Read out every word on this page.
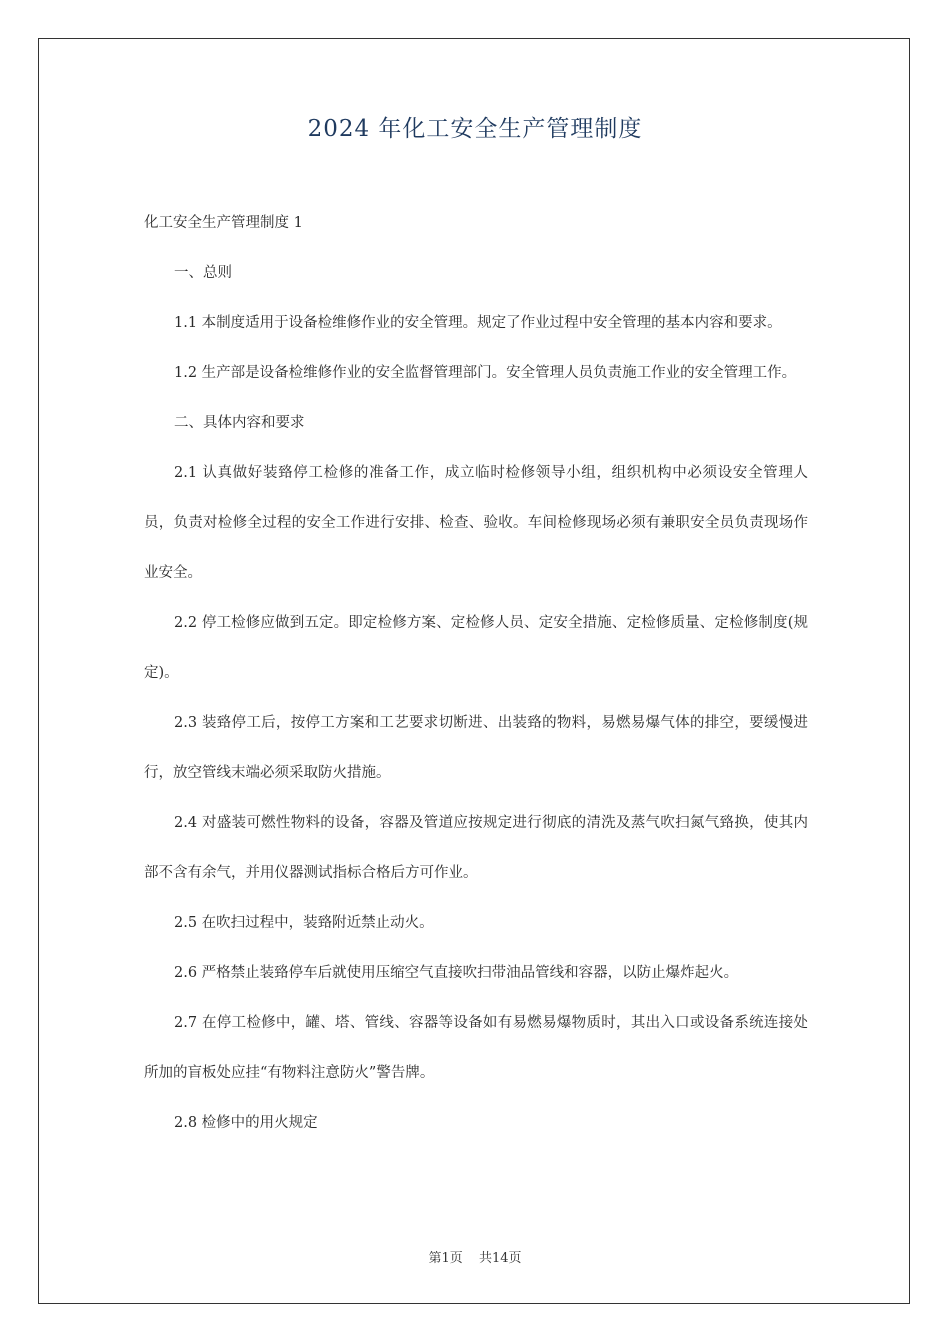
2024 年化工安全生产管理制度

化工安全生产管理制度 1

一、总则

1.1 本制度适用于设备检维修作业的安全管理。规定了作业过程中安全管理的基本内容和要求。

1.2 生产部是设备检维修作业的安全监督管理部门。安全管理人员负责施工作业的安全管理工作。

二、具体内容和要求

2.1 认真做好装臵停工检修的准备工作，成立临时检修领导小组，组织机构中必须设安全管理人员，负责对检修全过程的安全工作进行安排、检查、验收。车间检修现场必须有兼职安全员负责现场作业安全。

2.2 停工检修应做到五定。即定检修方案、定检修人员、定安全措施、定检修质量、定检修制度(规定)。

2.3 装臵停工后，按停工方案和工艺要求切断进、出装臵的物料，易燃易爆气体的排空，要缓慢进行，放空管线末端必须采取防火措施。

2.4 对盛装可燃性物料的设备，容器及管道应按规定进行彻底的清洗及蒸气吹扫氮气臵换，使其内部不含有余气，并用仪器测试指标合格后方可作业。

2.5 在吹扫过程中，装臵附近禁止动火。

2.6 严格禁止装臵停车后就使用压缩空气直接吹扫带油品管线和容器，以防止爆炸起火。

2.7 在停工检修中，罐、塔、管线、容器等设备如有易燃易爆物质时，其出入口或设备系统连接处所加的盲板处应挂“有物料注意防火”警告牌。

2.8 检修中的用火规定

第1页 共14页
